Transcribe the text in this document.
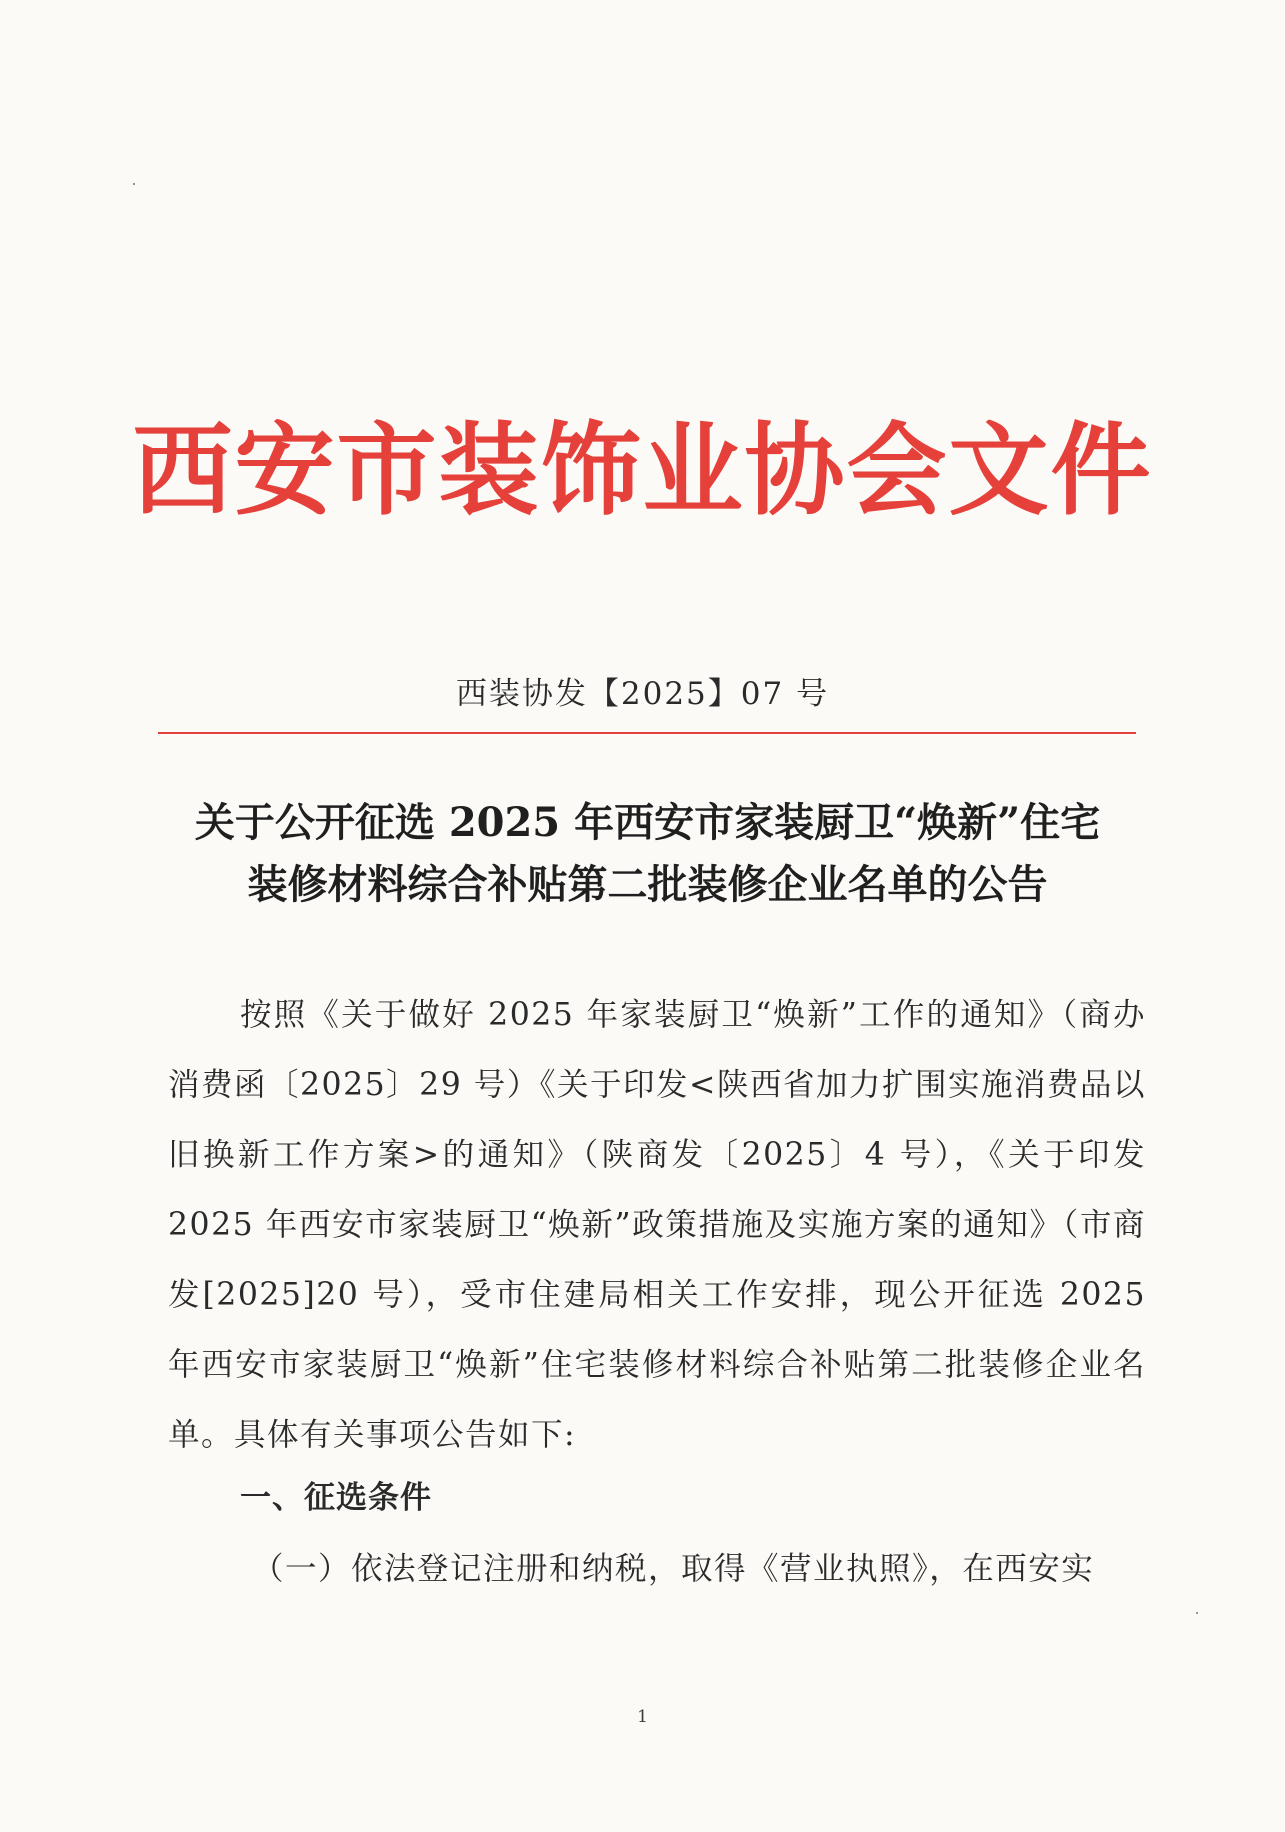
西安市装饰业协会文件
西装协发【2025】07 号
关于公开征选 2025 年西安市家装厨卫“焕新”住宅
装修材料综合补贴第二批装修企业名单的公告

按照《关于做好 2025 年家装厨卫“焕新”工作的通知》（商办消费函〔2025〕29 号）《关于印发<陕西省加力扩围实施消费品以旧换新工作方案>的通知》（陕商发〔2025〕4 号），《关于印发 2025 年西安市家装厨卫“焕新”政策措施及实施方案的通知》（市商发[2025]20 号），受市住建局相关工作安排，现公开征选 2025 年西安市家装厨卫“焕新”住宅装修材料综合补贴第二批装修企业名单。具体有关事项公告如下:

一、征选条件
（一）依法登记注册和纳税，取得《营业执照》，在西安实
1
